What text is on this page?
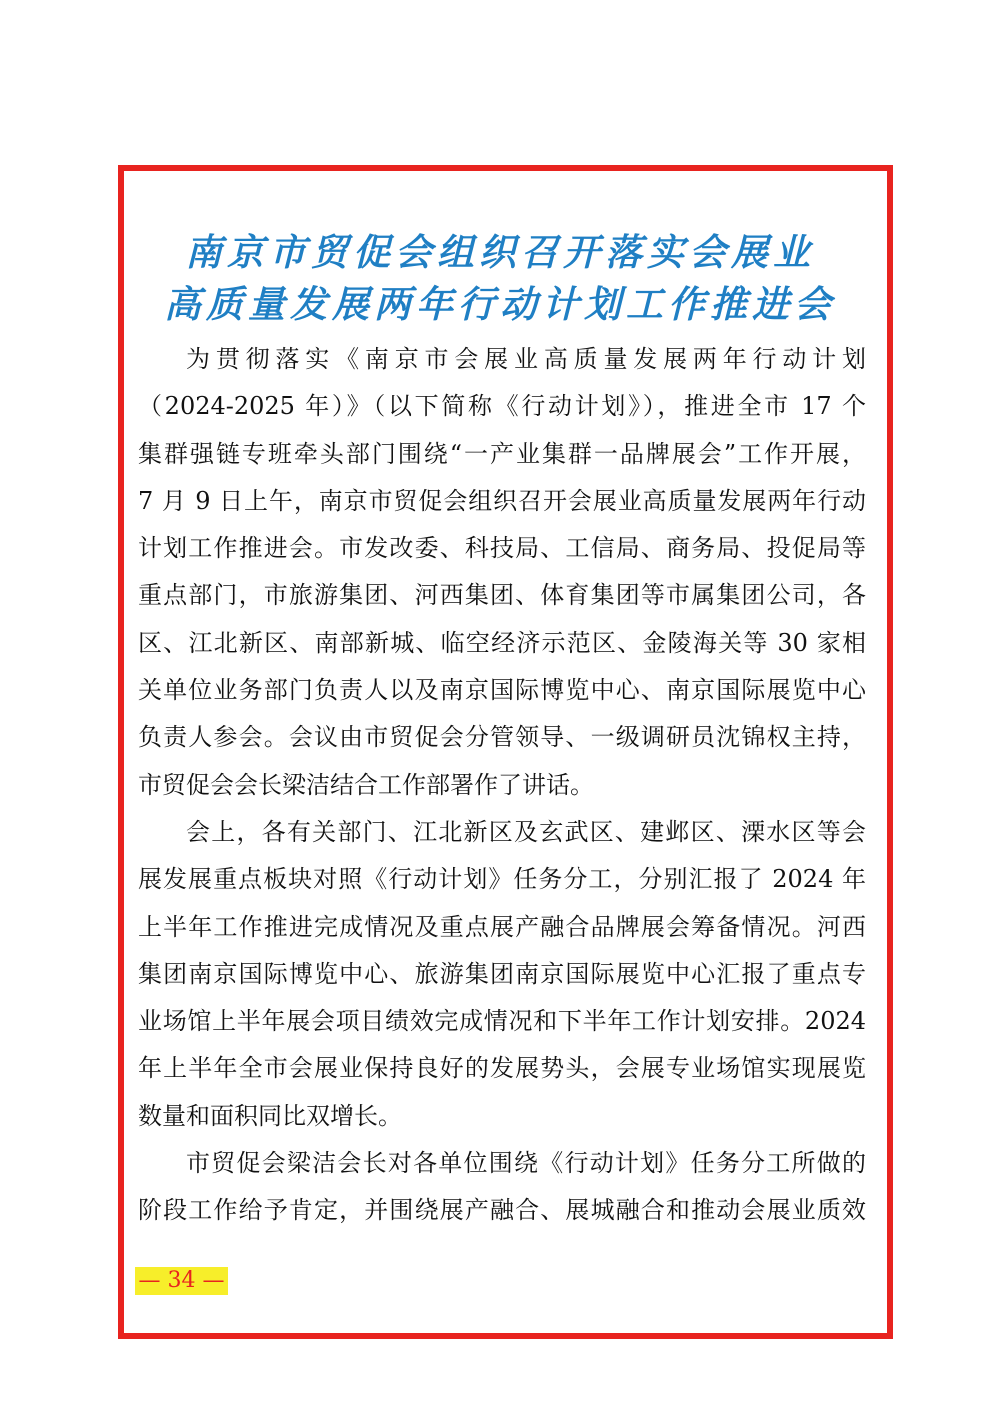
南京市贸促会组织召开落实会展业
高质量发展两年行动计划工作推进会
为贯彻落实《南京市会展业高质量发展两年行动计划
（2024-2025 年）》（以下简称《行动计划》），推进全市 17 个
集群强链专班牵头部门围绕“一产业集群一品牌展会”工作开展，
7 月 9 日上午，南京市贸促会组织召开会展业高质量发展两年行动
计划工作推进会。市发改委、科技局、工信局、商务局、投促局等
重点部门，市旅游集团、河西集团、体育集团等市属集团公司，各
区、江北新区、南部新城、临空经济示范区、金陵海关等 30 家相
关单位业务部门负责人以及南京国际博览中心、南京国际展览中心
负责人参会。会议由市贸促会分管领导、一级调研员沈锦权主持，
市贸促会会长梁洁结合工作部署作了讲话。
会上，各有关部门、江北新区及玄武区、建邺区、溧水区等会
展发展重点板块对照《行动计划》任务分工，分别汇报了 2024 年
上半年工作推进完成情况及重点展产融合品牌展会筹备情况。河西
集团南京国际博览中心、旅游集团南京国际展览中心汇报了重点专
业场馆上半年展会项目绩效完成情况和下半年工作计划安排。2024
年上半年全市会展业保持良好的发展势头，会展专业场馆实现展览
数量和面积同比双增长。
市贸促会梁洁会长对各单位围绕《行动计划》任务分工所做的
阶段工作给予肯定，并围绕展产融合、展城融合和推动会展业质效
— 34 —
